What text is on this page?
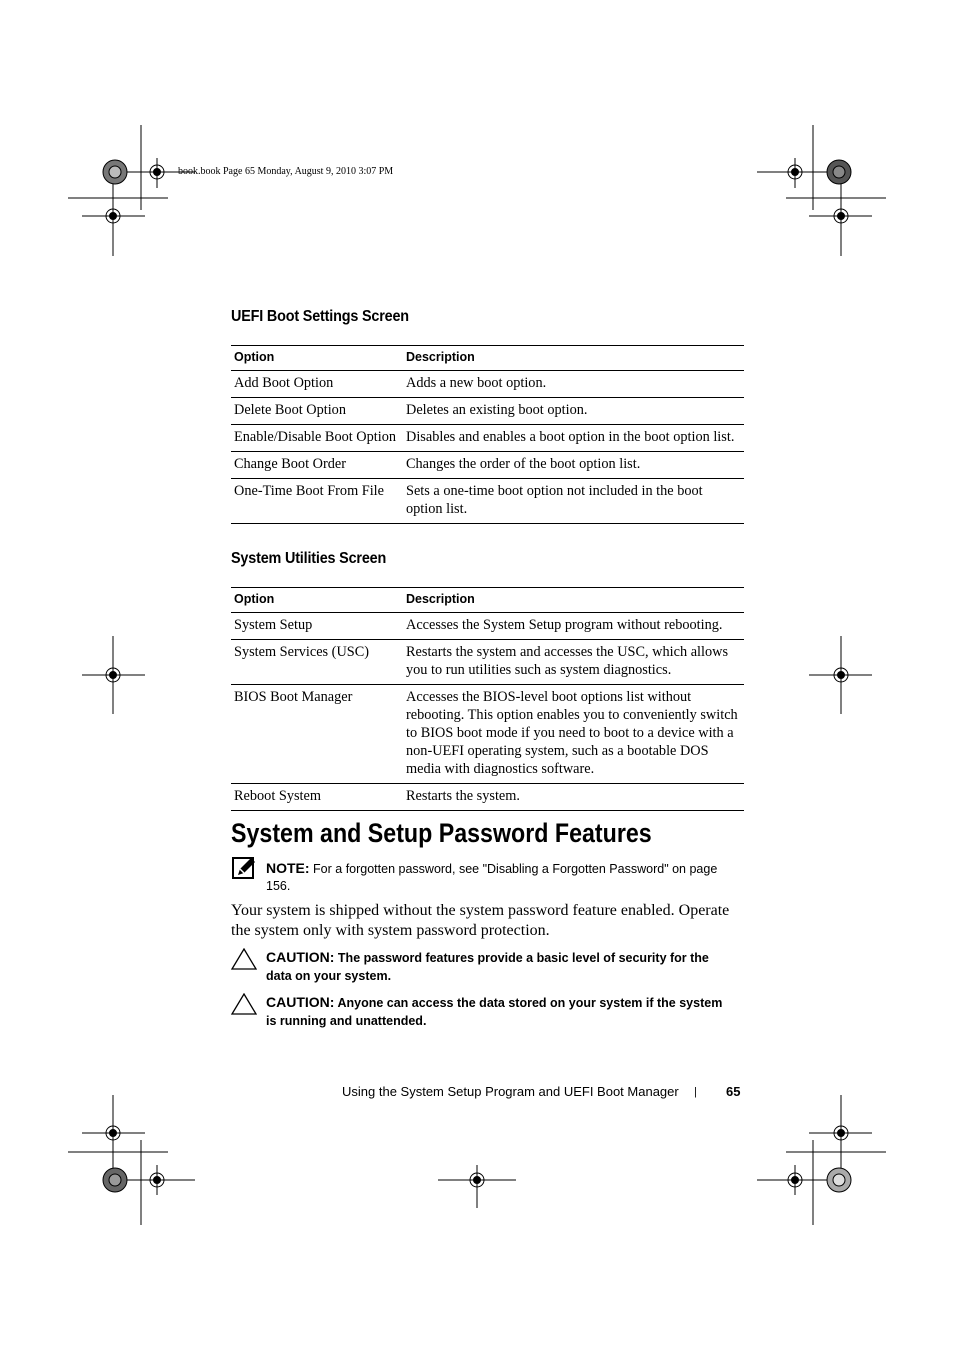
book.book Page 65 Monday, August 9, 2010 3:07 PM
UEFI Boot Settings Screen
Option	Description
Add Boot Option	Adds a new boot option.
Delete Boot Option	Deletes an existing boot option.
Enable/Disable Boot Option	Disables and enables a boot option in the boot option list.
Change Boot Order	Changes the order of the boot option list.
One-Time Boot From File	Sets a one-time boot option not included in the boot option list.
System Utilities Screen
Option	Description
System Setup	Accesses the System Setup program without rebooting.
System Services (USC)	Restarts the system and accesses the USC, which allows you to run utilities such as system diagnostics.
BIOS Boot Manager	Accesses the BIOS-level boot options list without rebooting. This option enables you to conveniently switch to BIOS boot mode if you need to boot to a device with a non-UEFI operating system, such as a bootable DOS media with diagnostics software.
Reboot System	Restarts the system.
System and Setup Password Features
NOTE: For a forgotten password, see "Disabling a Forgotten Password" on page 156.
Your system is shipped without the system password feature enabled. Operate the system only with system password protection.
CAUTION: The password features provide a basic level of security for the data on your system.
CAUTION: Anyone can access the data stored on your system if the system is running and unattended.
Using the System Setup Program and UEFI Boot Manager | 65
